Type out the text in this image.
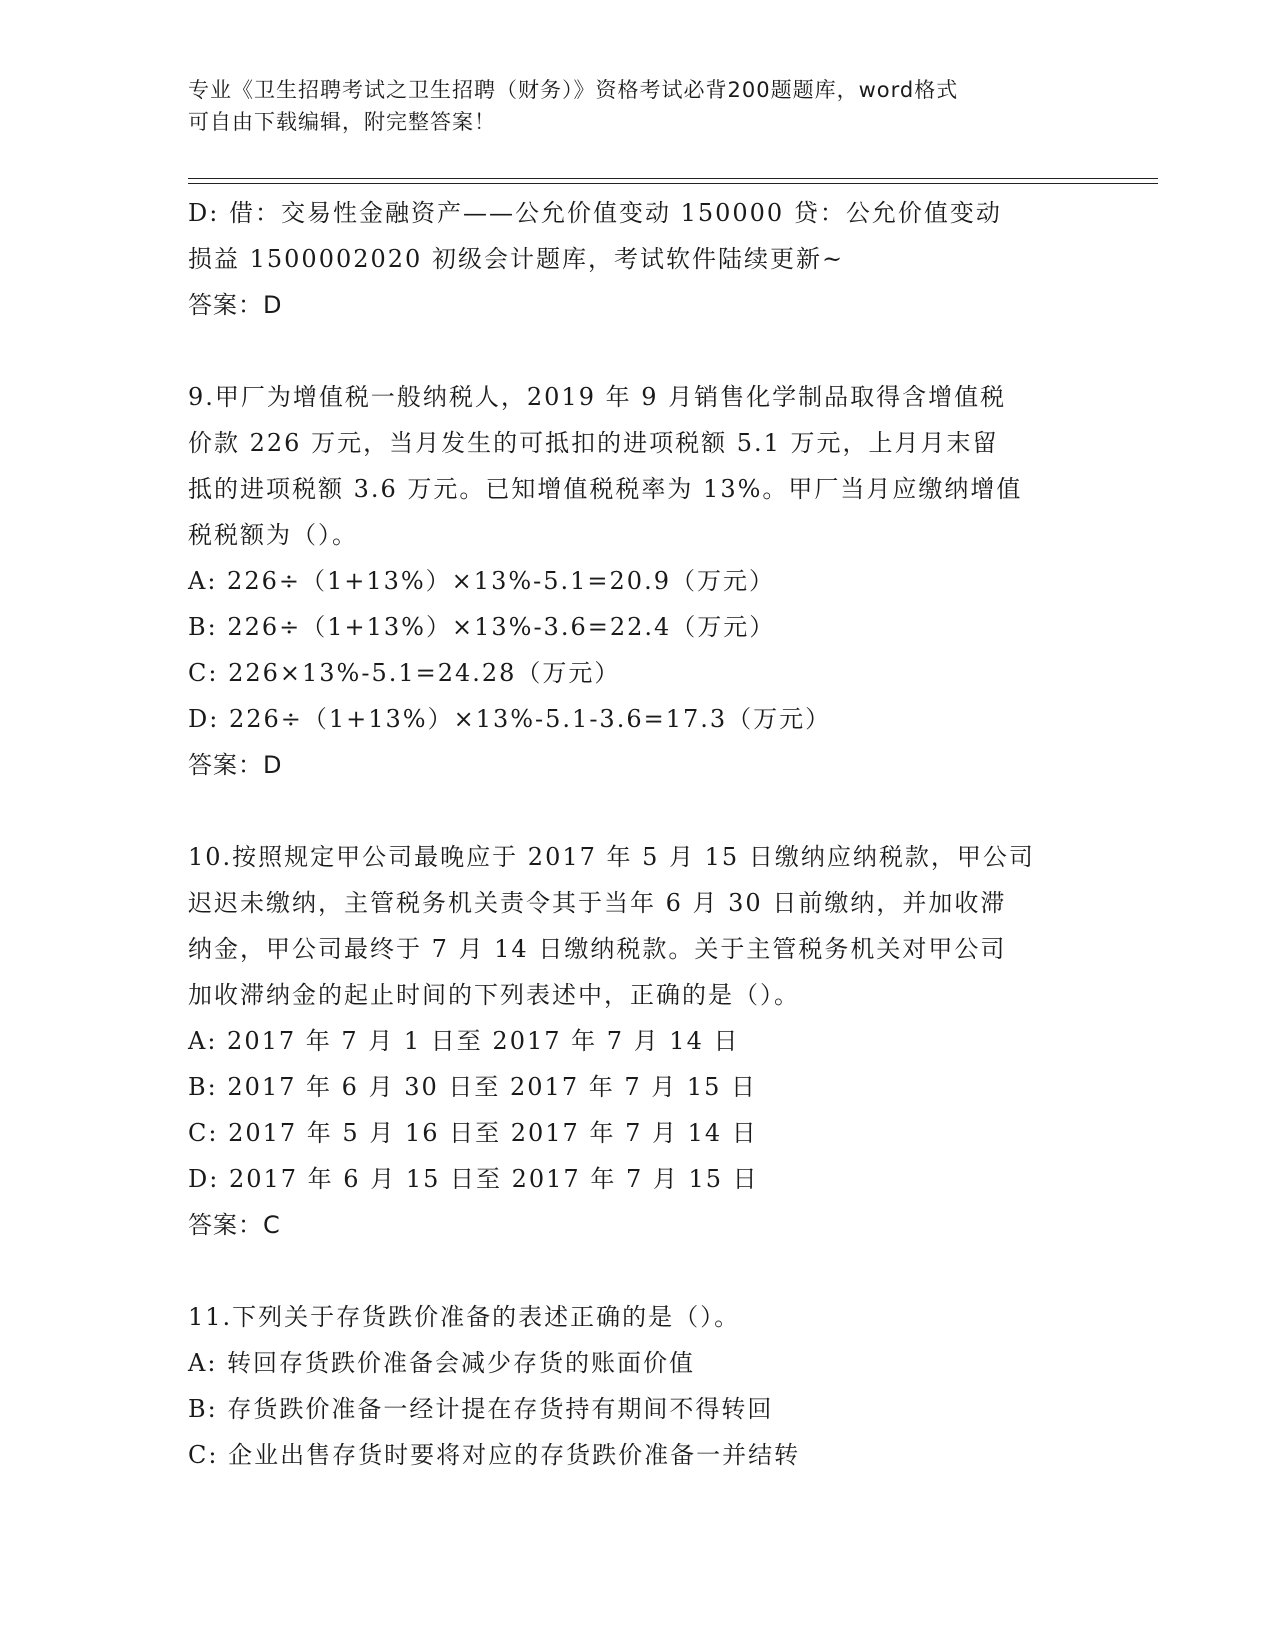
专业《卫生招聘考试之卫生招聘（财务）》资格考试必背200题题库，word格式
可自由下载编辑，附完整答案！
D: 借：交易性金融资产——公允价值变动 150000 贷：公允价值变动
损益 1500002020 初级会计题库，考试软件陆续更新~
答案：D
9.甲厂为增值税一般纳税人，2019 年 9 月销售化学制品取得含增值税
价款 226 万元，当月发生的可抵扣的进项税额 5.1 万元，上月月末留
抵的进项税额 3.6 万元。已知增值税税率为 13%。甲厂当月应缴纳增值
税税额为（）。
A: 226÷（1+13%）×13%-5.1=20.9（万元）
B: 226÷（1+13%）×13%-3.6=22.4（万元）
C: 226×13%-5.1=24.28（万元）
D: 226÷（1+13%）×13%-5.1-3.6=17.3（万元）
答案：D
10.按照规定甲公司最晚应于 2017 年 5 月 15 日缴纳应纳税款，甲公司
迟迟未缴纳，主管税务机关责令其于当年 6 月 30 日前缴纳，并加收滞
纳金，甲公司最终于 7 月 14 日缴纳税款。关于主管税务机关对甲公司
加收滞纳金的起止时间的下列表述中，正确的是（）。
A: 2017 年 7 月 1 日至 2017 年 7 月 14 日
B: 2017 年 6 月 30 日至 2017 年 7 月 15 日
C: 2017 年 5 月 16 日至 2017 年 7 月 14 日
D: 2017 年 6 月 15 日至 2017 年 7 月 15 日
答案：C
11.下列关于存货跌价准备的表述正确的是（）。
A: 转回存货跌价准备会减少存货的账面价值
B: 存货跌价准备一经计提在存货持有期间不得转回
C: 企业出售存货时要将对应的存货跌价准备一并结转
